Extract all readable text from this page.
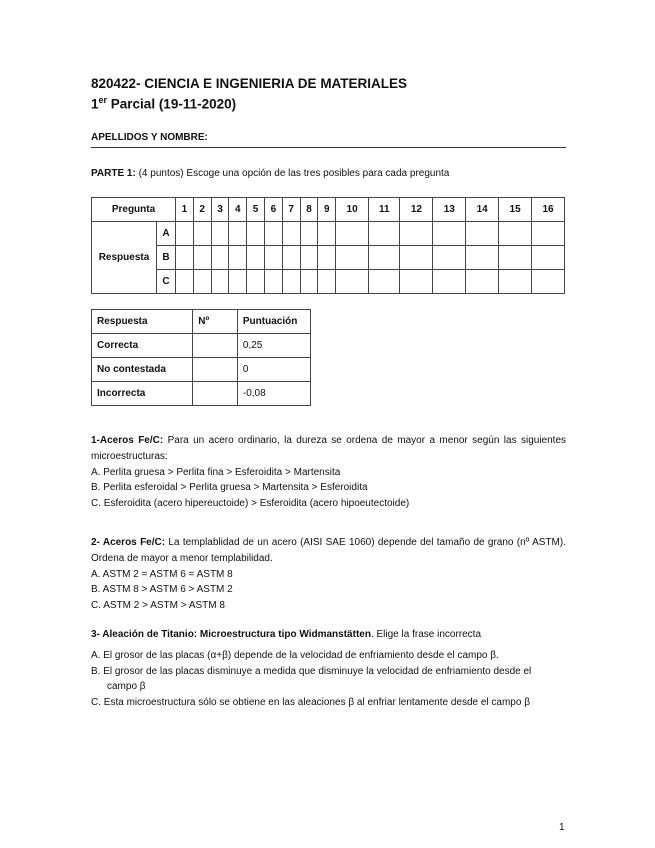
820422- CIENCIA E INGENIERIA DE MATERIALES
1er Parcial (19-11-2020)
APELLIDOS Y NOMBRE:
PARTE 1: (4 puntos) Escoge una opción de las tres posibles para cada pregunta
Pregunta		1	2	3	4	5	6	7	8	9	10	11	12	13	14	15	16
Respuesta	A																
	B																
	C																
Respuesta	Nº	Puntuación
Correcta		0,25
No contestada		0
Incorrecta		-0,08

1-Aceros Fe/C: Para un acero ordinario, la dureza se ordena de mayor a menor según las siguientes microestructuras:

A. Perlita gruesa > Perlita fina > Esferoidita > Martensita

B. Perlita esferoidal > Perlita gruesa > Martensita > Esferoidita

C. Esferoidita (acero hipereuctoide) > Esferoidita (acero hipoeutectoide)

2- Aceros Fe/C: La templablidad de un acero (AISI SAE 1060) depende del tamaño de grano (nº ASTM). Ordena de mayor a menor templabilidad.

A. ASTM 2 = ASTM 6 = ASTM 8

B. ASTM 8 > ASTM 6 > ASTM 2

C. ASTM 2 > ASTM > ASTM 8

3- Aleación de Titanio: Microestructura tipo Widmanstätten. Elige la frase incorrecta

A. El grosor de las placas (α+β) depende de la velocidad de enfriamiento desde el campo β.

B. El grosor de las placas disminuye a medida que disminuye la velocidad de enfriamiento desde el

campo β

C. Esta microestructura sólo se obtiene en las aleaciones β al enfriar lentamente desde el campo β

1
